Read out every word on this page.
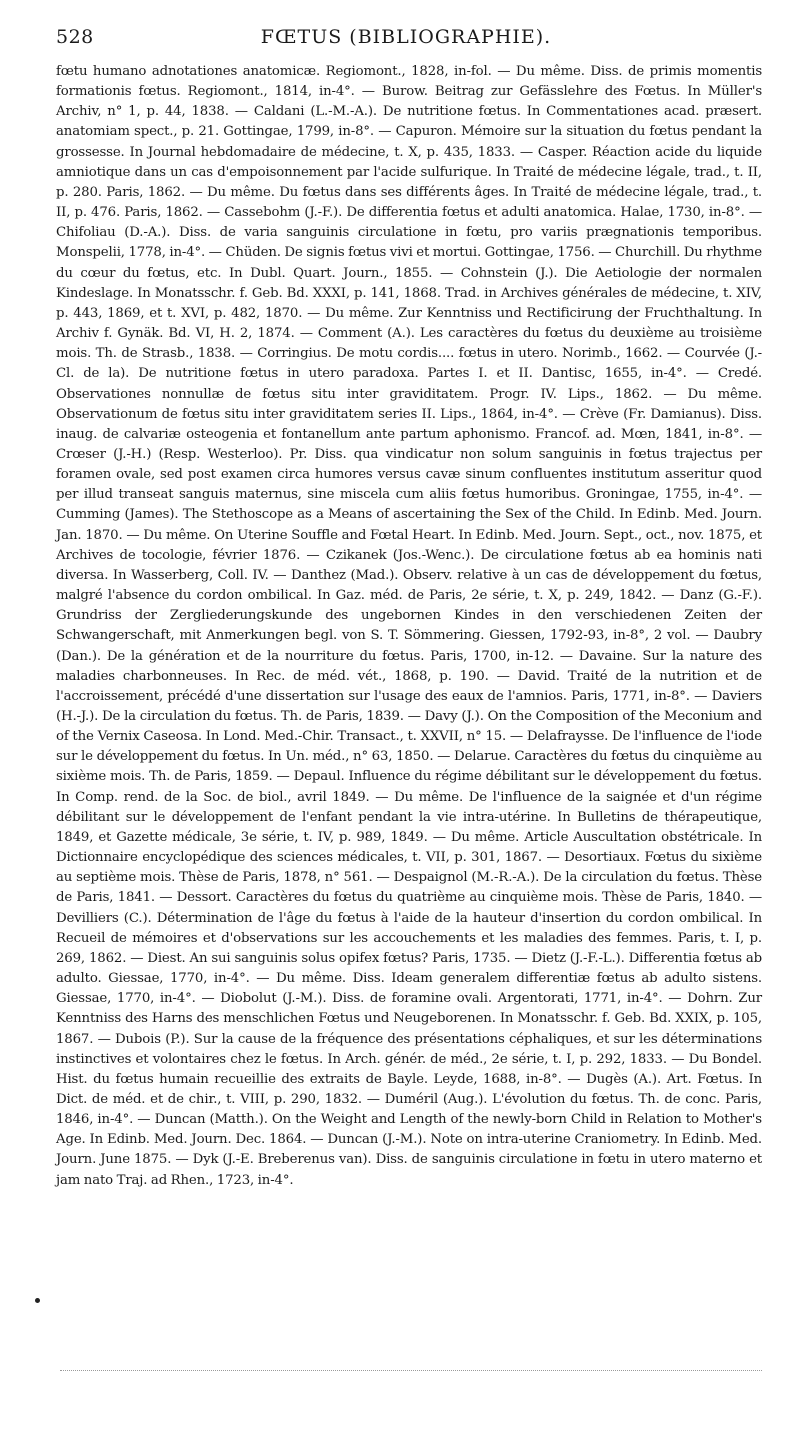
528	FŒTUS (BIBLIOGRAPHIE).

fœtu humano adnotationes anatomicæ. Regiomont., 1828, in-fol. — Du même. Diss. de primis momentis formationis fœtus. Regiomont., 1814, in-4°. — Burow. Beitrag zur Gefässlehre des Fœtus. In Müller's Archiv, n° 1, p. 44, 1838. — Caldani (L.-M.-A.). De nutritione fœtus. In Commentationes acad. præsert. anatomiam spect., p. 21. Gottingae, 1799, in-8°. — Capuron. Mémoire sur la situation du fœtus pendant la grossesse. In Journal hebdomadaire de médecine, t. X, p. 435, 1833. — Casper. Réaction acide du liquide amniotique dans un cas d'empoisonnement par l'acide sulfurique. In Traité de médecine légale, trad., t. II, p. 280. Paris, 1862. — Du même. Du fœtus dans ses différents âges. In Traité de médecine légale, trad., t. II, p. 476. Paris, 1862. — Cassebohm (J.-F.). De differentia fœtus et adulti anatomica. Halae, 1730, in-8°. — Chifoliau (D.-A.). Diss. de varia sanguinis circulatione in fœtu, pro variis prægnationis temporibus. Monspelii, 1778, in-4°. — Chüden. De signis fœtus vivi et mortui. Gottingae, 1756. — Churchill. Du rhythme du cœur du fœtus, etc. In Dubl. Quart. Journ., 1855. — Cohnstein (J.). Die Aetiologie der normalen Kindeslage. In Monatsschr. f. Geb. Bd. XXXI, p. 141, 1868. Trad. in Archives générales de médecine, t. XIV, p. 443, 1869, et t. XVI, p. 482, 1870. — Du même. Zur Kenntniss und Rectificirung der Fruchthaltung. In Archiv f. Gynäk. Bd. VI, H. 2, 1874. — Comment (A.). Les caractères du fœtus du deuxième au troisième mois. Th. de Strasb., 1838. — Corringius. De motu cordis.... fœtus in utero. Norimb., 1662. — Courvée (J.-Cl. de la). De nutritione fœtus in utero paradoxa. Partes I. et II. Dantisc, 1655, in-4°. — Credé. Observationes nonnullæ de fœtus situ inter graviditatem. Progr. IV. Lips., 1862. — Du même. Observationum de fœtus situ inter graviditatem series II. Lips., 1864, in-4°. — Crève (Fr. Damianus). Diss. inaug. de calvariæ osteogenia et fontanellum ante partum aphonismo. Francof. ad. Mœn, 1841, in-8°. — Crœser (J.-H.) (Resp. Westerloo). Pr. Diss. qua vindicatur non solum sanguinis in fœtus trajectus per foramen ovale, sed post examen circa humores versus cavæ sinum confluentes institutum asseritur quod per illud transeat sanguis maternus, sine miscela cum aliis fœtus humoribus. Groningae, 1755, in-4°. — Cumming (James). The Stethoscope as a Means of ascertaining the Sex of the Child. In Edinb. Med. Journ. Jan. 1870. — Du même. On Uterine Souffle and Fœtal Heart. In Edinb. Med. Journ. Sept., oct., nov. 1875, et Archives de tocologie, février 1876. — Czikanek (Jos.-Wenc.). De circulatione fœtus ab ea hominis nati diversa. In Wasserberg, Coll. IV. — Danthez (Mad.). Observ. relative à un cas de développement du fœtus, malgré l'absence du cordon ombilical. In Gaz. méd. de Paris, 2e série, t. X, p. 249, 1842. — Danz (G.-F.). Grundriss der Zergliederungskunde des ungebornen Kindes in den verschiedenen Zeiten der Schwangerschaft, mit Anmerkungen begl. von S. T. Sömmering. Giessen, 1792-93, in-8°, 2 vol. — Daubry (Dan.). De la génération et de la nourriture du fœtus. Paris, 1700, in-12. — Davaine. Sur la nature des maladies charbonneuses. In Rec. de méd. vét., 1868, p. 190. — David. Traité de la nutrition et de l'accroissement, précédé d'une dissertation sur l'usage des eaux de l'amnios. Paris, 1771, in-8°. — Daviers (H.-J.). De la circulation du fœtus. Th. de Paris, 1839. — Davy (J.). On the Composition of the Meconium and of the Vernix Caseosa. In Lond. Med.-Chir. Transact., t. XXVII, n° 15. — Delafraysse. De l'influence de l'iode sur le développement du fœtus. In Un. méd., n° 63, 1850. — Delarue. Caractères du fœtus du cinquième au sixième mois. Th. de Paris, 1859. — Depaul. Influence du régime débilitant sur le développement du fœtus. In Comp. rend. de la Soc. de biol., avril 1849. — Du même. De l'influence de la saignée et d'un régime débilitant sur le développement de l'enfant pendant la vie intra-utérine. In Bulletins de thérapeutique, 1849, et Gazette médicale, 3e série, t. IV, p. 989, 1849. — Du même. Article Auscultation obstétricale. In Dictionnaire encyclopédique des sciences médicales, t. VII, p. 301, 1867. — Desortiaux. Fœtus du sixième au septième mois. Thèse de Paris, 1878, n° 561. — Despaignol (M.-R.-A.). De la circulation du fœtus. Thèse de Paris, 1841. — Dessort. Caractères du fœtus du quatrième au cinquième mois. Thèse de Paris, 1840. — Devilliers (C.). Détermination de l'âge du fœtus à l'aide de la hauteur d'insertion du cordon ombilical. In Recueil de mémoires et d'observations sur les accouchements et les maladies des femmes. Paris, t. I, p. 269, 1862. — Diest. An sui sanguinis solus opifex fœtus? Paris, 1735. — Dietz (J.-F.-L.). Differentia fœtus ab adulto. Giessae, 1770, in-4°. — Du même. Diss. Ideam generalem differentiæ fœtus ab adulto sistens. Giessae, 1770, in-4°. — Diobolut (J.-M.). Diss. de foramine ovali. Argentorati, 1771, in-4°. — Dohrn. Zur Kenntniss des Harns des menschlichen Fœtus und Neugeborenen. In Monatsschr. f. Geb. Bd. XXIX, p. 105, 1867. — Dubois (P.). Sur la cause de la fréquence des présentations céphaliques, et sur les déterminations instinctives et volontaires chez le fœtus. In Arch. génér. de méd., 2e série, t. I, p. 292, 1833. — Du Bondel. Hist. du fœtus humain recueillie des extraits de Bayle. Leyde, 1688, in-8°. — Dugès (A.). Art. Fœtus. In Dict. de méd. et de chir., t. VIII, p. 290, 1832. — Duméril (Aug.). L'évolution du fœtus. Th. de conc. Paris, 1846, in-4°. — Duncan (Matth.). On the Weight and Length of the newly-born Child in Relation to Mother's Age. In Edinb. Med. Journ. Dec. 1864. — Duncan (J.-M.). Note on intra-uterine Craniometry. In Edinb. Med. Journ. June 1875. — Dyk (J.-E. Breberenus van). Diss. de sanguinis circulatione in fœtu in utero materno et jam nato Traj. ad Rhen., 1723, in-4°.
